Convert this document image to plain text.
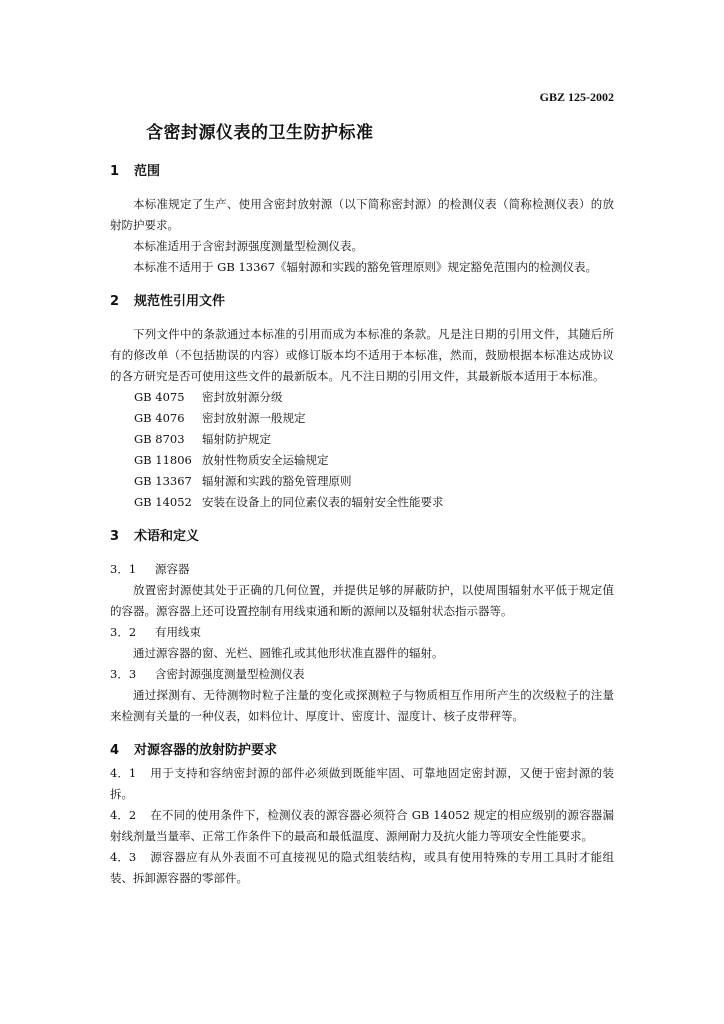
GBZ 125-2002
含密封源仪表的卫生防护标准
1 范围

本标准规定了生产、使用含密封放射源（以下简称密封源）的检测仪表（简称检测仪表）的放射防护要求。

本标准适用于含密封源强度测量型检测仪表。

本标准不适用于 GB 13367《辐射源和实践的豁免管理原则》规定豁免范围内的检测仪表。

2 规范性引用文件

下列文件中的条款通过本标准的引用而成为本标准的条款。凡是注日期的引用文件，其随后所有的修改单（不包括勘误的内容）或修订版本均不适用于本标准，然而，鼓励根据本标准达成协议的各方研究是否可使用这些文件的最新版本。凡不注日期的引用文件，其最新版本适用于本标准。

GB 4075 密封放射源分级

GB 4076 密封放射源一般规定

GB 8703 辐射防护规定

GB 11806 放射性物质安全运输规定

GB 13367 辐射源和实践的豁免管理原则

GB 14052 安装在设备上的同位素仪表的辐射安全性能要求

3 术语和定义

3．1 源容器

放置密封源使其处于正确的几何位置，并提供足够的屏蔽防护，以使周围辐射水平低于规定值的容器。源容器上还可设置控制有用线束通和断的源闸以及辐射状态指示器等。

3．2 有用线束

通过源容器的窗、光栏、圆锥孔或其他形状准直器件的辐射。

3．3 含密封源强度测量型检测仪表

通过探测有、无待测物时粒子注量的变化或探测粒子与物质相互作用所产生的次级粒子的注量来检测有关量的一种仪表，如料位计、厚度计、密度计、湿度计、核子皮带秤等。

4 对源容器的放射防护要求

4．1 用于支持和容纳密封源的部件必须做到既能牢固、可靠地固定密封源，又便于密封源的装拆。

4．2 在不同的使用条件下，检测仪表的源容器必须符合 GB 14052 规定的相应级别的源容器漏射线剂量当量率、正常工作条件下的最高和最低温度、源闸耐力及抗火能力等项安全性能要求。

4．3 源容器应有从外表面不可直接视见的隐式组装结构，或具有使用特殊的专用工具时才能组装、拆卸源容器的零部件。
